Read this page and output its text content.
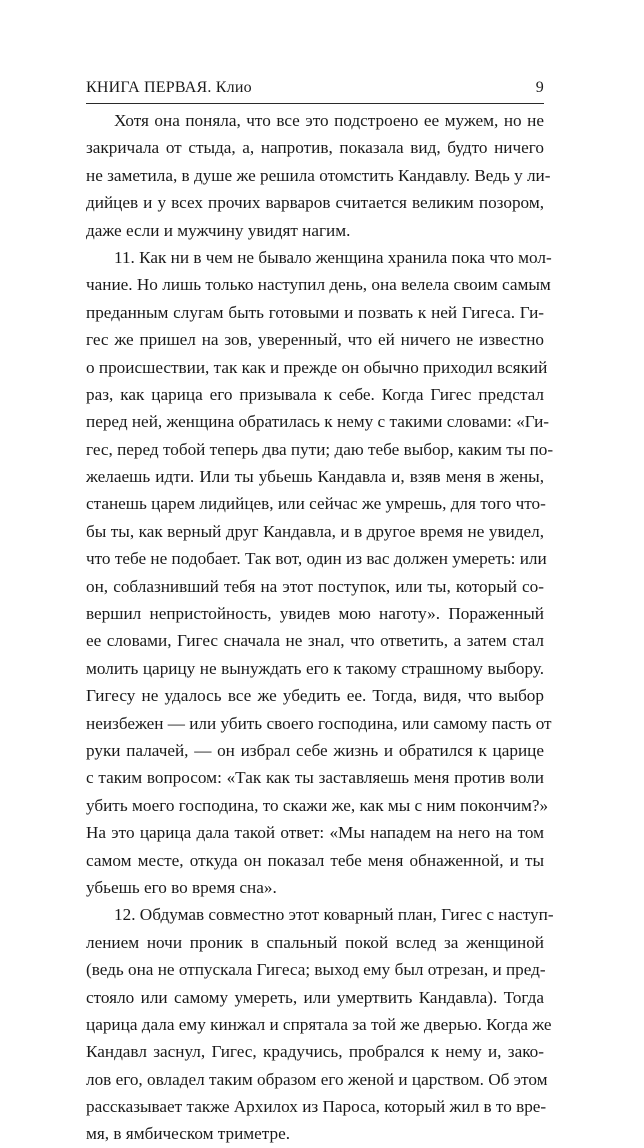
КНИГА ПЕРВАЯ. Клио	9
Хотя она поняла, что все это подстроено ее мужем, но не
закричала от стыда, а, напротив, показала вид, будто ничего
не заметила, в душе же решила отомстить Кандавлу. Ведь у ли-
дийцев и у всех прочих варваров считается великим позором,
даже если и мужчину увидят нагим.
11. Как ни в чем не бывало женщина хранила пока что мол-
чание. Но лишь только наступил день, она велела своим самым
преданным слугам быть готовыми и позвать к ней Гигеса. Ги-
гес же пришел на зов, уверенный, что ей ничего не известно
о происшествии, так как и прежде он обычно приходил всякий
раз, как царица его призывала к себе. Когда Гигес предстал
перед ней, женщина обратилась к нему с такими словами: «Ги-
гес, перед тобой теперь два пути; даю тебе выбор, каким ты по-
желаешь идти. Или ты убьешь Кандавла и, взяв меня в жены,
станешь царем лидийцев, или сейчас же умрешь, для того что-
бы ты, как верный друг Кандавла, и в другое время не увидел,
что тебе не подобает. Так вот, один из вас должен умереть: или
он, соблазнивший тебя на этот поступок, или ты, который со-
вершил непристойность, увидев мою наготу». Пораженный
ее словами, Гигес сначала не знал, что ответить, а затем стал
молить царицу не вынуждать его к такому страшному выбору.
Гигесу не удалось все же убедить ее. Тогда, видя, что выбор
неизбежен — или убить своего господина, или самому пасть от
руки палачей, — он избрал себе жизнь и обратился к царице
с таким вопросом: «Так как ты заставляешь меня против воли
убить моего господина, то скажи же, как мы с ним покончим?»
На это царица дала такой ответ: «Мы нападем на него на том
самом месте, откуда он показал тебе меня обнаженной, и ты
убьешь его во время сна».
12. Обдумав совместно этот коварный план, Гигес с наступ-
лением ночи проник в спальный покой вслед за женщиной
(ведь она не отпускала Гигеса; выход ему был отрезан, и пред-
стояло или самому умереть, или умертвить Кандавла). Тогда
царица дала ему кинжал и спрятала за той же дверью. Когда же
Кандавл заснул, Гигес, крадучись, пробрался к нему и, зако-
лов его, овладел таким образом его женой и царством. Об этом
рассказывает также Архилох из Пароса, который жил в то вре-
мя, в ямбическом триметре.
